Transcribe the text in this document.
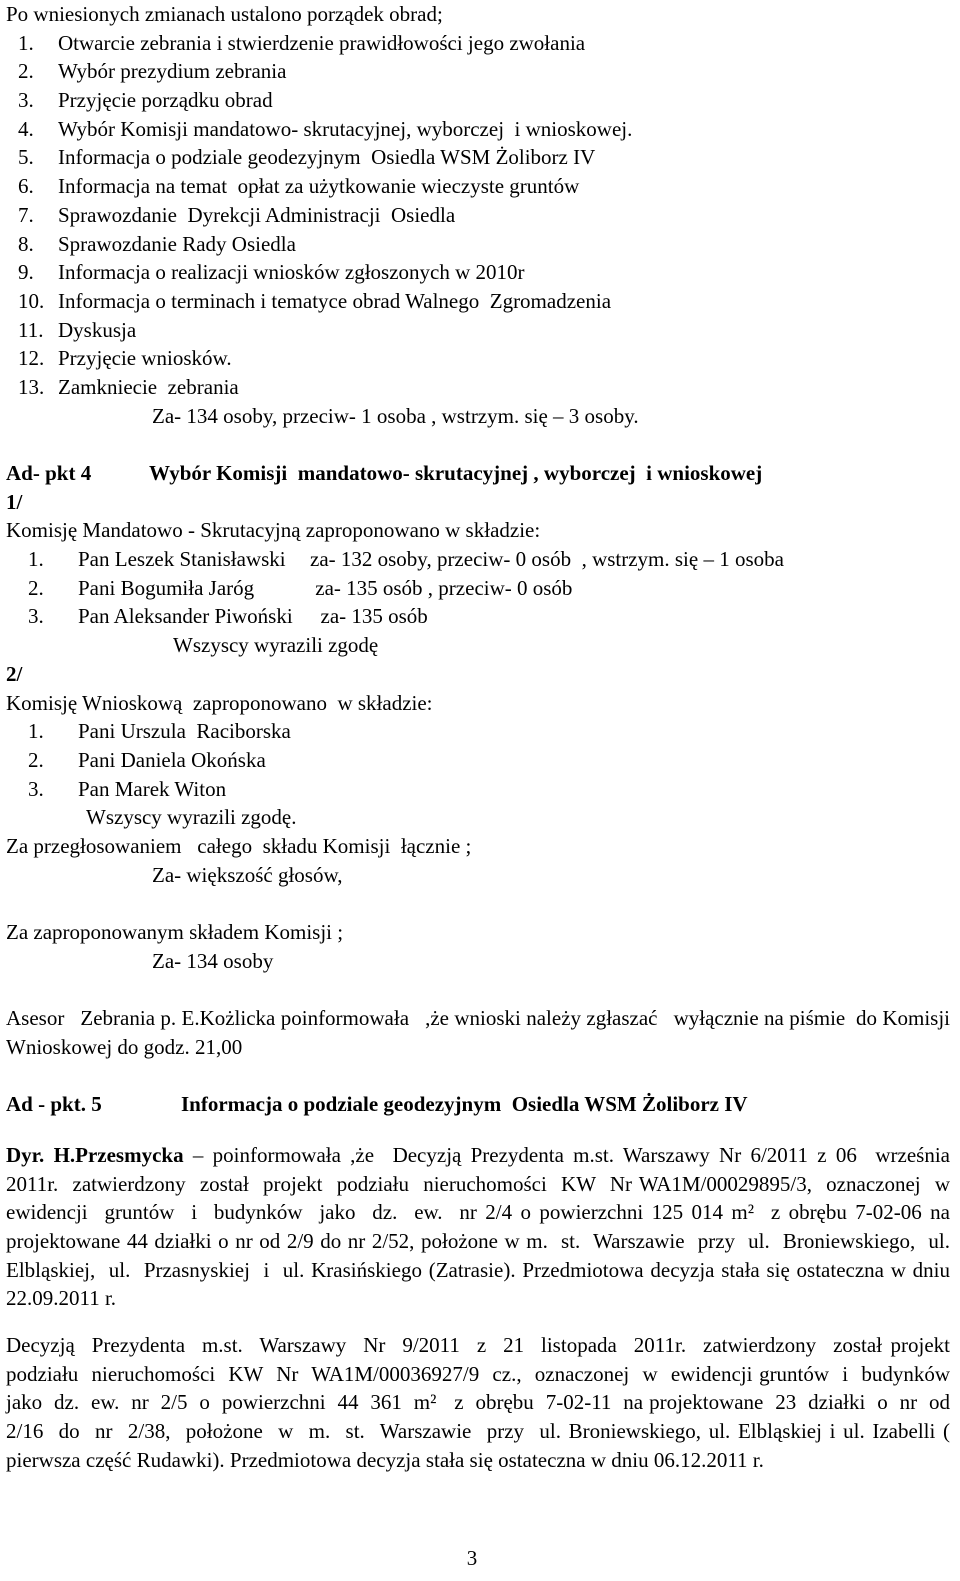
Po wniesionych zmianach ustalono porządek obrad;
1. Otwarcie zebrania i stwierdzenie prawidłowości jego zwołania
2. Wybór prezydium zebrania
3. Przyjęcie porządku obrad
4. Wybór Komisji mandatowo- skrutacyjnej, wyborczej  i wnioskowej.
5. Informacja o podziale geodezyjnym  Osiedla WSM Żoliborz IV
6. Informacja na temat  opłat za użytkowanie wieczyste gruntów
7. Sprawozdanie  Dyrekcji Administracji  Osiedla
8. Sprawozdanie Rady Osiedla
9. Informacja o realizacji wniosków zgłoszonych w 2010r
10. Informacja o terminach i tematyce obrad Walnego  Zgromadzenia
11. Dyskusja
12. Przyjęcie wniosków.
13. Zamkniecie  zebrania
Za- 134 osoby, przeciw- 1 osoba , wstrzym. się – 3 osoby.
Ad- pkt 4	Wybór Komisji  mandatowo- skrutacyjnej , wyborczej  i wnioskowej
1/
Komisję Mandatowo - Skrutacyjną zaproponowano w składzie:
1.	Pan Leszek Stanisławski	za- 132 osoby, przeciw- 0 osób  , wstrzym. się – 1 osoba
2.	Pani Bogumiła Jaróg	za- 135 osób , przeciw- 0 osób
3.	Pan Aleksander Piwoński za- 135 osób
Wszyscy wyrazili zgodę
2/
Komisję Wnioskową  zaproponowano  w składzie:
1.	Pani Urszula  Raciborska
2.	Pani Daniela Okońska
3.	Pan Marek Witon
Wszyscy wyrazili zgodę.
Za przegłosowaniem   całego  składu Komisji  łącznie ;
Za- większość głosów,
Za zaproponowanym składem Komisji ;
Za- 134 osoby
Asesor   Zebrania p. E.Kożlicka poinformowała   ,że wnioski należy zgłaszać   wyłącznie na piśmie  do Komisji  Wnioskowej do godz. 21,00
Ad - pkt. 5	Informacja o podziale geodezyjnym  Osiedla WSM Żoliborz IV
Dyr. H.Przesmycka – poinformowała ,że  Decyzją Prezydenta m.st. Warszawy Nr 6/2011 z 06  września  2011r.  zatwierdzony  został  projekt  podziału  nieruchomości  KW  Nr WA1M/00029895/3,  oznaczonej  w  ewidencji  gruntów  i  budynków  jako  dz.  ew.  nr 2/4 o powierzchni 125 014 m²  z obrębu 7-02-06 na projektowane 44 działki o nr od 2/9 do nr 2/52, położone w m.  st.  Warszawie  przy  ul.  Broniewskiego,  ul.  Elbląskiej,  ul.  Przasnyskiej  i  ul. Krasińskiego (Zatrasie). Przedmiotowa decyzja stała się ostateczna w dniu 22.09.2011 r.
Decyzją  Prezydenta  m.st.  Warszawy  Nr  9/2011  z  21  listopada  2011r.  zatwierdzony  został projekt  podziału  nieruchomości  KW  Nr  WA1M/00036927/9  cz.,  oznaczonej  w  ewidencji gruntów  i  budynków  jako  dz.  ew.  nr  2/5  o  powierzchni  44  361  m²   z  obrębu  7-02-11  na projektowane  23  działki  o  nr  od  2/16  do  nr  2/38,  położone  w  m.  st.  Warszawie  przy  ul. Broniewskiego, ul. Elbląskiej i ul. Izabelli ( pierwsza część Rudawki). Przedmiotowa decyzja stała się ostateczna w dniu 06.12.2011 r.
3
